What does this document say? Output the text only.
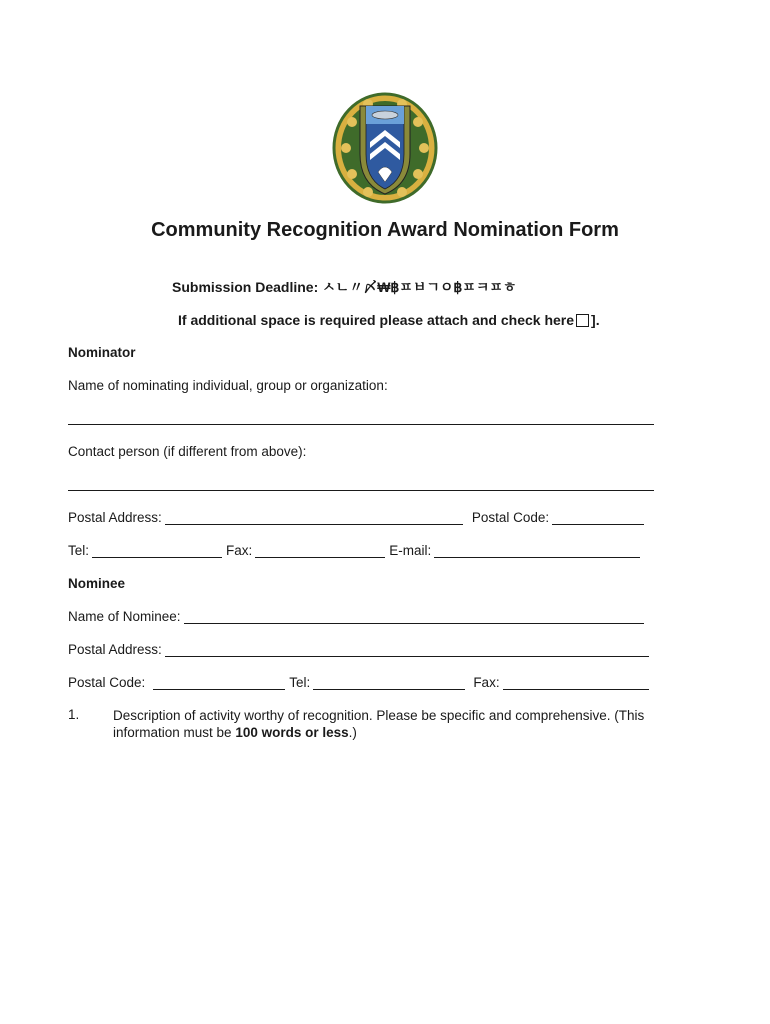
Community Recognition Award Nomination Form
Submission Deadline: ㅅㄴ〃〆₩฿ㅍㅂㄱㅇ฿ㅍㅋㅍㅎ
If additional space is required please attach and check here ].
Nominator
Name of nominating individual, group or organization:
Contact person (if different from above):
Postal Address:	Postal Code:
Tel:	Fax:	E-mail:
Nominee
Name of Nominee:
Postal Address:
Postal Code:	Tel:	Fax:
1. Description of activity worthy of recognition. Please be specific and comprehensive. (This information must be 100 words or less.)
